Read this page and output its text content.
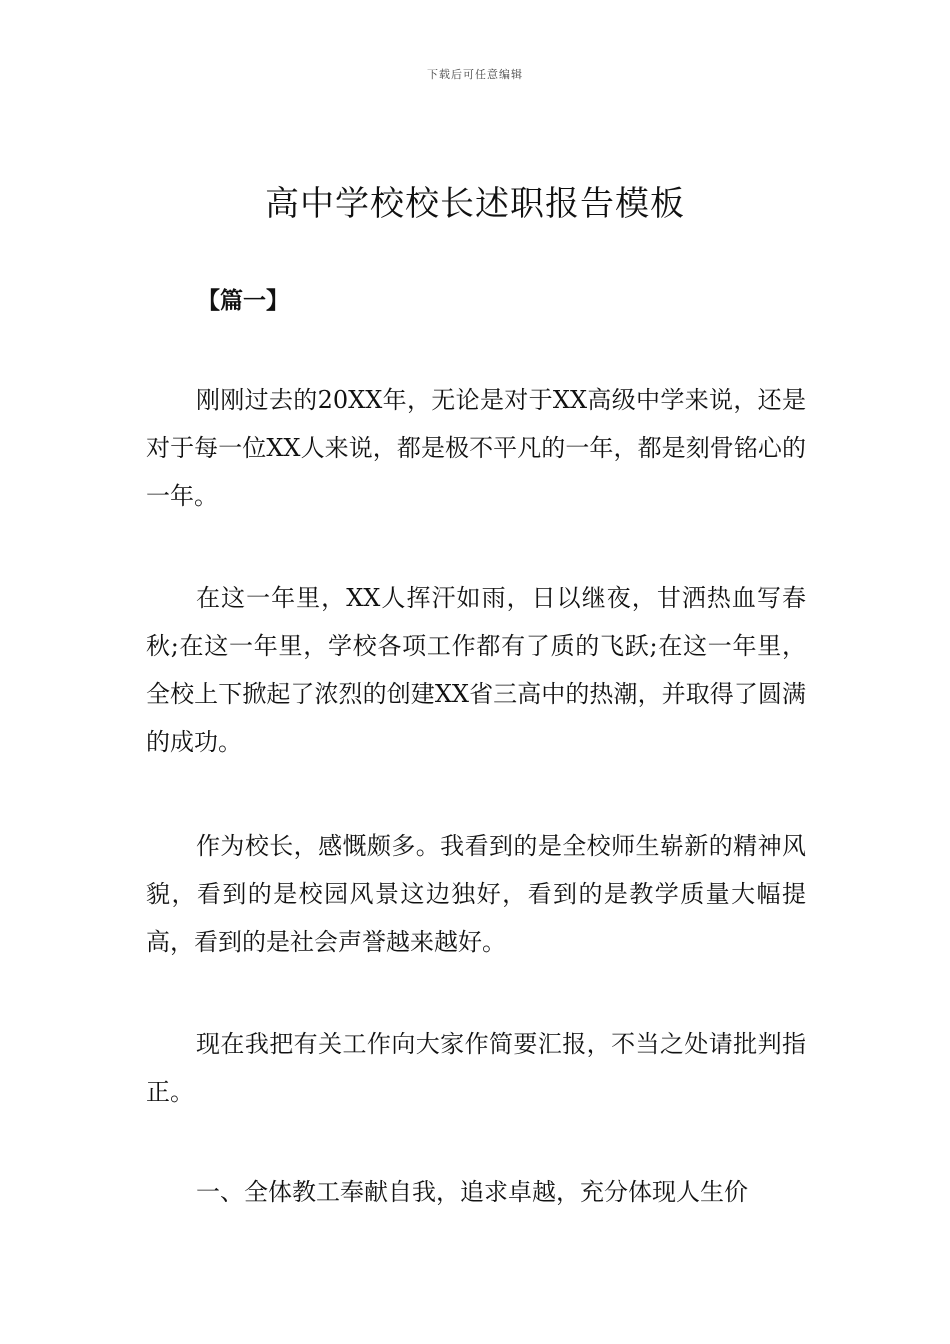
下载后可任意编辑
高中学校校长述职报告模板
【篇一】

刚刚过去的20XX年，无论是对于XX高级中学来说，还是对于每一位XX人来说，都是极不平凡的一年，都是刻骨铭心的一年。

在这一年里，XX人挥汗如雨，日以继夜，甘洒热血写春秋;在这一年里，学校各项工作都有了质的飞跃;在这一年里，全校上下掀起了浓烈的创建XX省三高中的热潮，并取得了圆满的成功。

作为校长，感慨颇多。我看到的是全校师生崭新的精神风貌，看到的是校园风景这边独好，看到的是教学质量大幅提高，看到的是社会声誉越来越好。

现在我把有关工作向大家作简要汇报，不当之处请批判指正。

一、全体教工奉献自我，追求卓越，充分体现人生价
